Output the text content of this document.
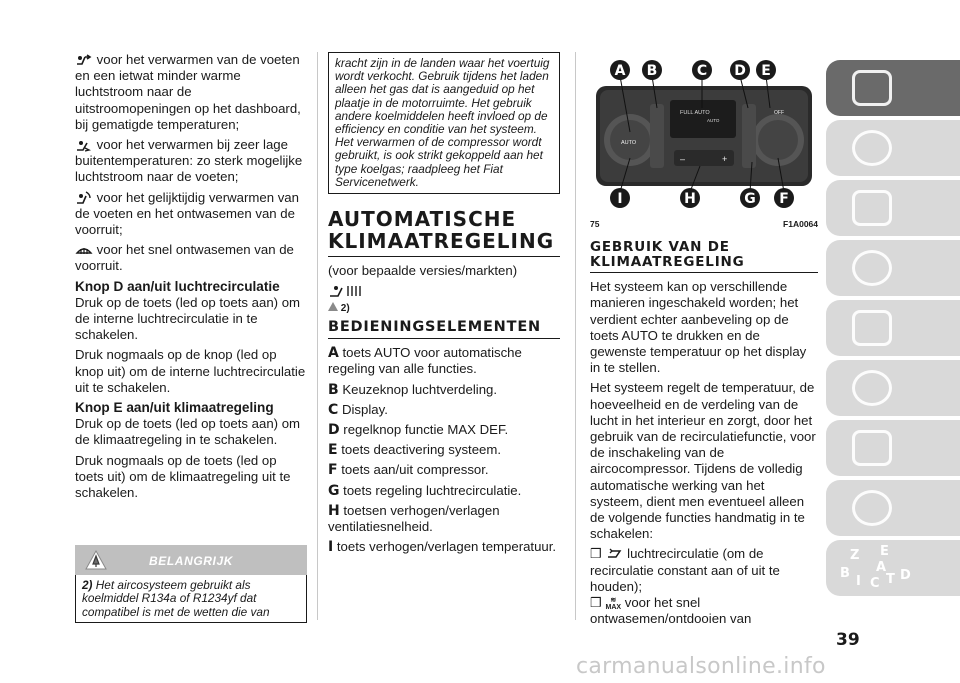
voor het verwarmen van de voeten en een ietwat minder warme luchtstroom naar de uitstroomopeningen op het dashboard, bij gematigde temperaturen;
voor het verwarmen bij zeer lage buitentemperaturen: zo sterk mogelijke luchtstroom naar de voeten;
voor het gelijktijdig verwarmen van de voeten en het ontwasemen van de voorruit;
voor het snel ontwasemen van de voorruit.
Knop D aan/uit luchtrecirculatie
Druk op de toets (led op toets aan) om de interne luchtrecirculatie in te schakelen.
Druk nogmaals op de knop (led op knop uit) om de interne luchtrecirculatie uit te schakelen.
Knop E aan/uit klimaatregeling
Druk op de toets (led op toets aan) om de klimaatregeling in te schakelen.
Druk nogmaals op de toets (led op toets uit) om de klimaatregeling uit te schakelen.
BELANGRIJK
2) Het aircosysteem gebruikt als koelmiddel R134a of R1234yf dat compatibel is met de wetten die van
kracht zijn in de landen waar het voertuig wordt verkocht. Gebruik tijdens het laden alleen het gas dat is aangeduid op het plaatje in de motorruimte. Het gebruik andere koelmiddelen heeft invloed op de efficiency en conditie van het systeem. Het verwarmen of de compressor wordt gebruikt, is ook strikt gekoppeld aan het type koelgas; raadpleeg het Fiat Servicenetwerk.
AUTOMATISCHE KLIMAATREGELING
(voor bepaalde versies/markten)
2)
BEDIENINGSELEMENTEN
A toets AUTO voor automatische regeling van alle functies.
B Keuzeknop luchtverdeling.
C Display.
D regelknop functie MAX DEF.
E toets deactivering systeem.
F toets aan/uit compressor.
G toets regeling luchtrecirculatie.
H toetsen verhogen/verlagen ventilatiesnelheid.
I toets verhogen/verlagen temperatuur.
FULL AUTO
AUTO
AUTO
OFF
–	+
A B	C D E
F
G
H
I
75	F1A0064
GEBRUIK VAN DE KLIMAATREGELING
Het systeem kan op verschillende manieren ingeschakeld worden; het verdient echter aanbeveling op de toets AUTO te drukken en de gewenste temperatuur op het display in te stellen.
Het systeem regelt de temperatuur, de hoeveelheid en de verdeling van de lucht in het interieur en zorgt, door het gebruik van de recirculatiefunctie, voor de inschakeling van de aircocompressor. Tijdens de volledig automatische werking van het systeem, dient men eventueel alleen de volgende functies handmatig in te schakelen:
❒ luchtrecirculatie (om de recirculatie constant aan of uit te houden);
❒ ≋
MAX voor het snel
ontwasemen/ontdooien van
Z E
A
B
I C T D
39
carmanualsonline.info
